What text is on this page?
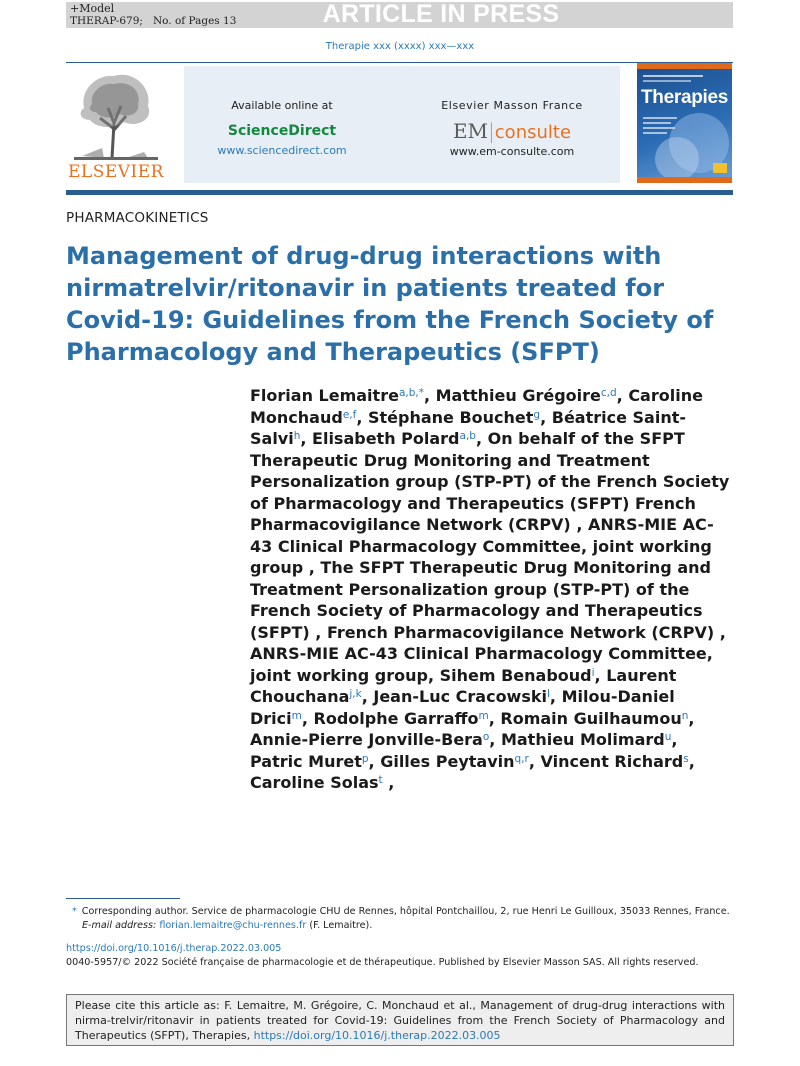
+Model
THERAP-679; No. of Pages 13	ARTICLE IN PRESS
Therapie xxx (xxxx) xxx—xxx
ELSEVIER
Available online at
ScienceDirect
www.sciencedirect.com
Elsevier Masson France
EM|consulte
www.em-consulte.com
Therapies
PHARMACOKINETICS
Management of drug-drug interactions with nirmatrelvir/ritonavir in patients treated for Covid-19: Guidelines from the French Society of Pharmacology and Therapeutics (SFPT)
Florian Lemaitre$^{a,b,*}$, Matthieu Grégoire$^{c,d}$, Caroline Monchaud$^{e,f}$, Stéphane Bouchet$^g$, Béatrice Saint-Salvi$^h$, Elisabeth Polard$^{a,b}$, On behalf of the SFPT Therapeutic Drug Monitoring and Treatment Personalization group (STP-PT) of the French Society of Pharmacology and Therapeutics (SFPT) French Pharmacovigilance Network (CRPV) , ANRS-MIE AC-43 Clinical Pharmacology Committee, joint working group , The SFPT Therapeutic Drug Monitoring and Treatment Personalization group (STP-PT) of the French Society of Pharmacology and Therapeutics (SFPT) , French Pharmacovigilance Network (CRPV) , ANRS-MIE AC-43 Clinical Pharmacology Committee, joint working group, Sihem Benaboud$^i$, Laurent Chouchana$^{j,k}$, Jean-Luc Cracowski$^l$, Milou-Daniel Drici$^m$, Rodolphe Garraffo$^m$, Romain Guilhaumou$^n$, Annie-Pierre Jonville-Bera$^o$, Mathieu Molimard$^u$, Patric Muret$^p$, Gilles Peytavin$^{q,r}$, Vincent Richard$^s$, Caroline Solas$^t$ ,
* Corresponding author. Service de pharmacologie CHU de Rennes, hôpital Pontchaillou, 2, rue Henri Le Guilloux, 35033 Rennes, France.
E-mail address: florian.lemaitre@chu-rennes.fr (F. Lemaitre).
https://doi.org/10.1016/j.therap.2022.03.005
0040-5957/© 2022 Société française de pharmacologie et de thérapeutique. Published by Elsevier Masson SAS. All rights reserved.
Please cite this article as: F. Lemaitre, M. Grégoire, C. Monchaud et al., Management of drug-drug interactions with nirma-trelvir/ritonavir in patients treated for Covid-19: Guidelines from the French Society of Pharmacology and Therapeutics (SFPT), Therapies, https://doi.org/10.1016/j.therap.2022.03.005
